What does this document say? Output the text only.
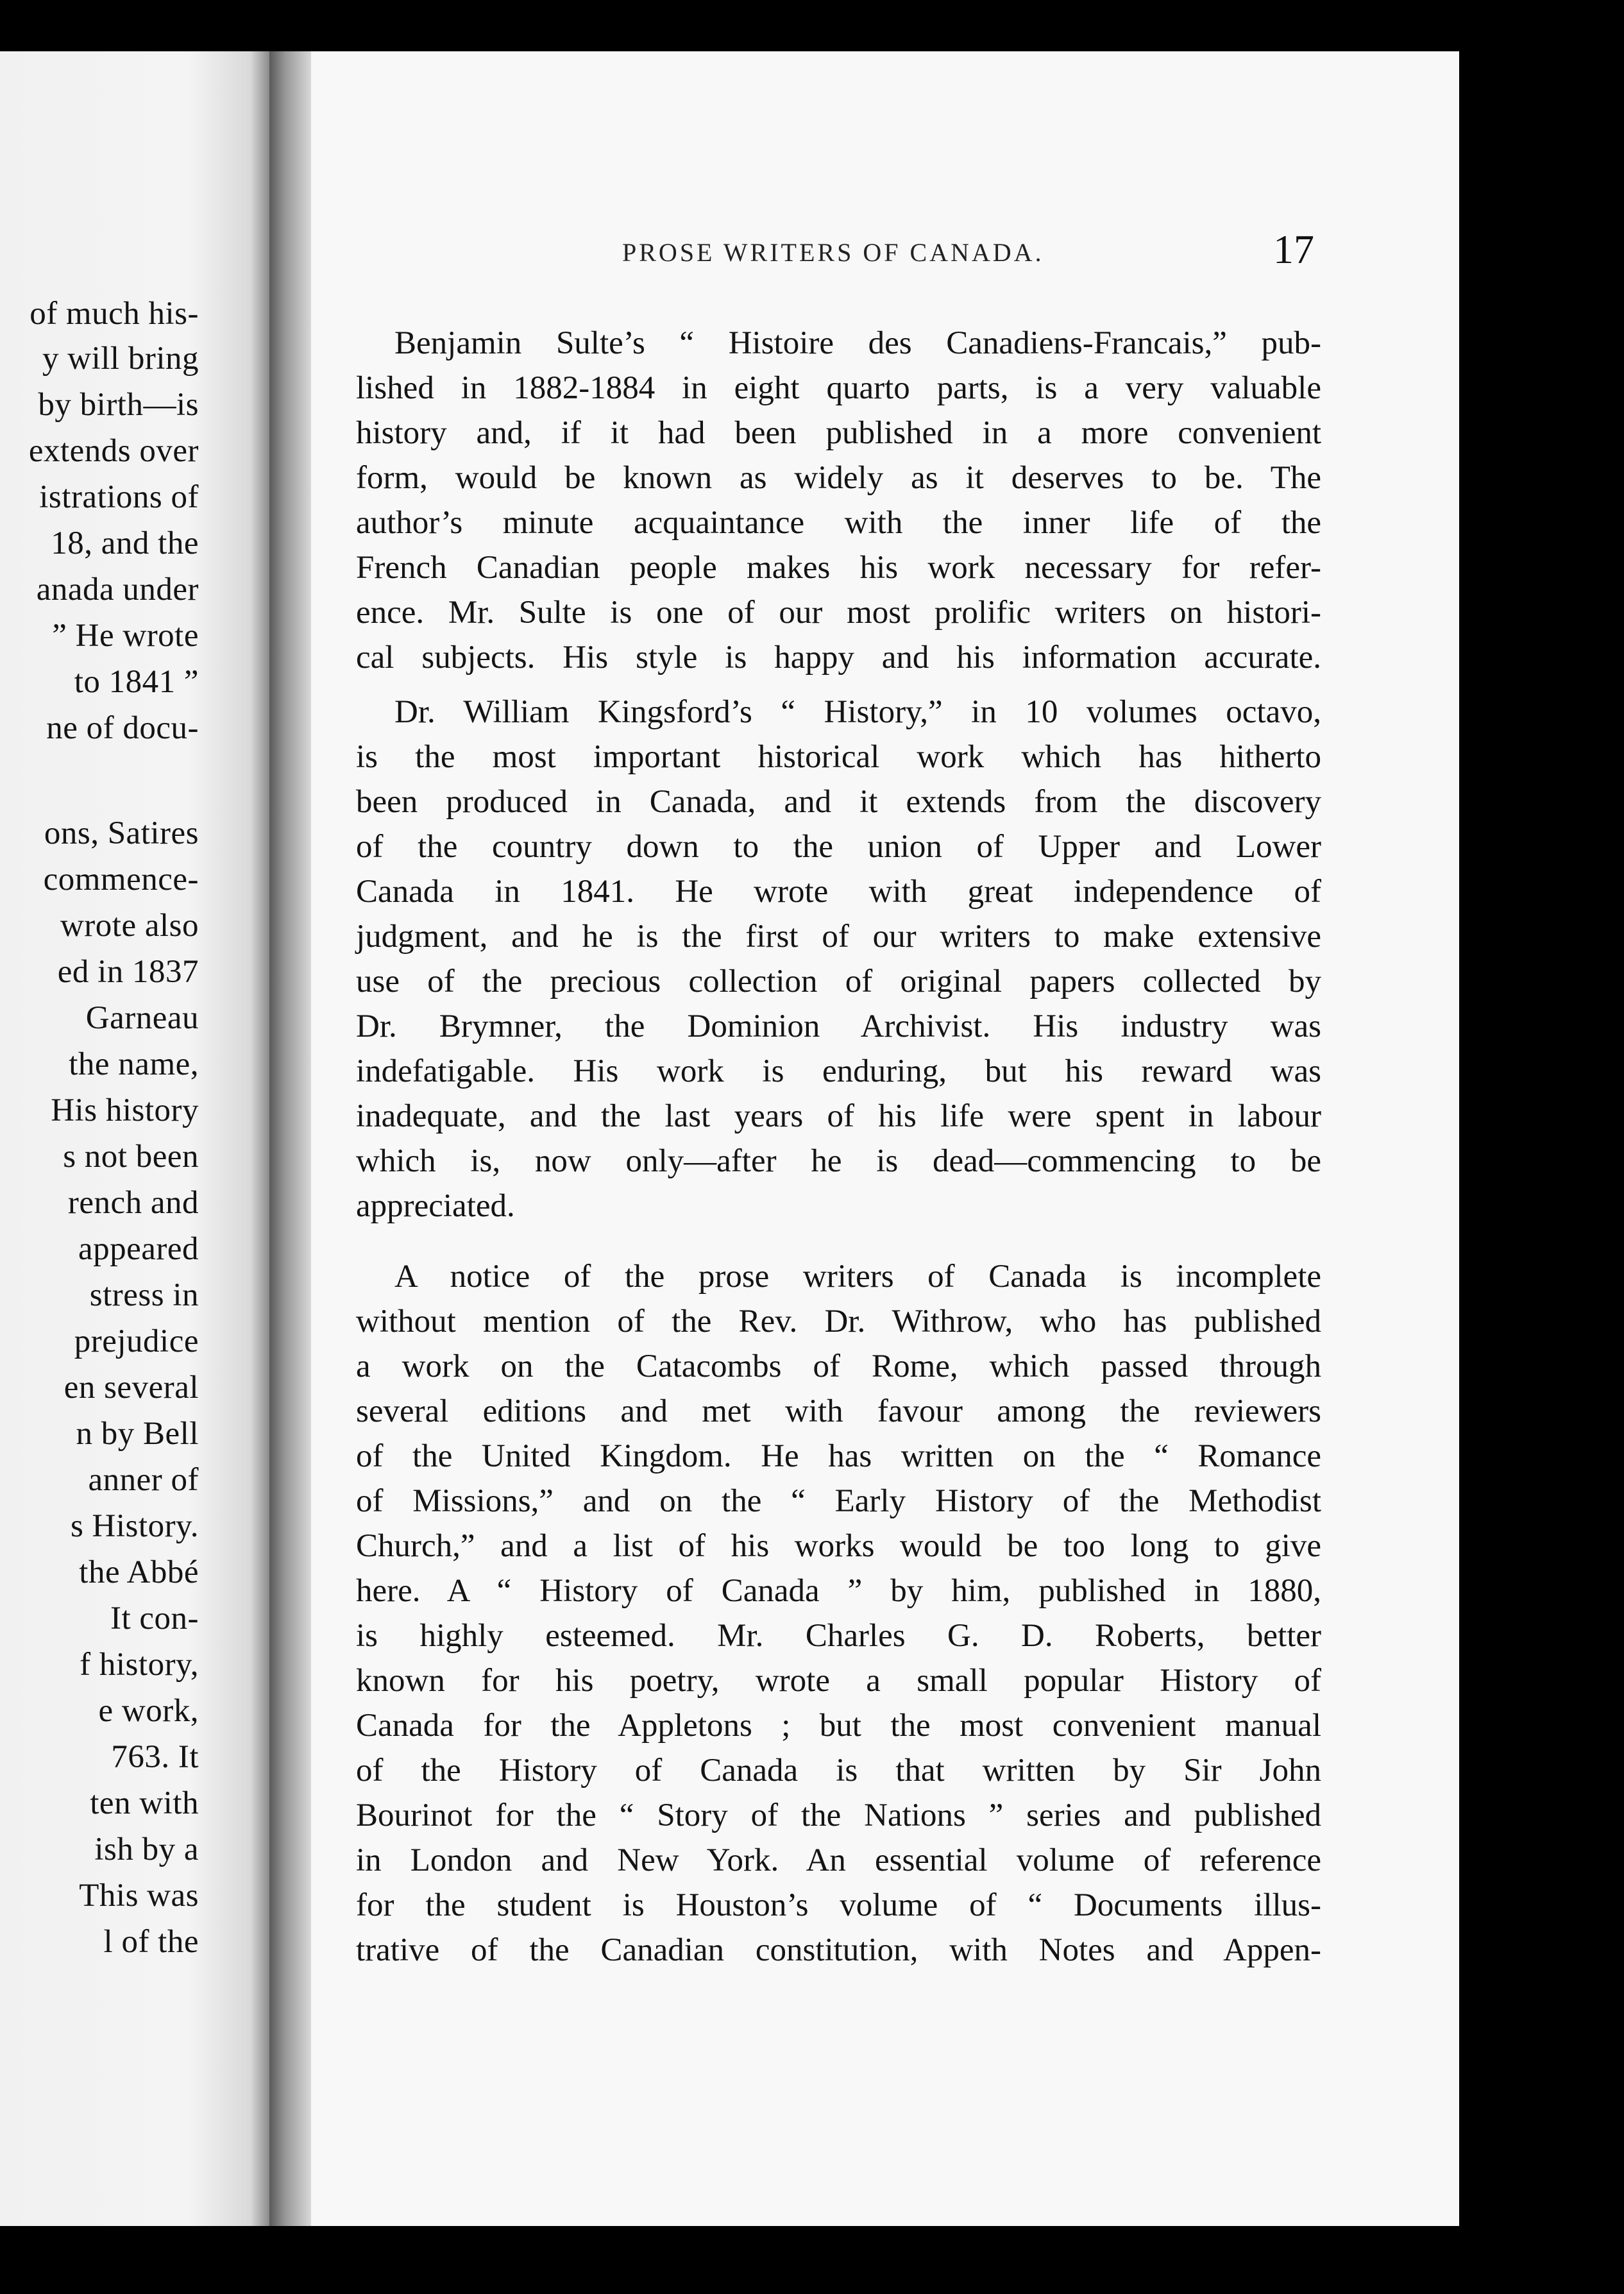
of much his-
y will bring
by birth—is
extends over
istrations of
18, and the
anada under
” He wrote
to 1841 ”
ne of docu-
ons, Satires
commence-
wrote also
ed in 1837
Garneau
the name,
His history
s not been
rench and
appeared
stress in
prejudice
en several
n by Bell
anner of
s History.
the Abbé
It con-
f history,
e work,
763. It
ten with
ish by a
This was
l of the
PROSE WRITERS OF CANADA.	17
Benjamin Sulte’s “ Histoire des Canadiens-Francais,” pub-
lished in 1882-1884 in eight quarto parts, is a very valuable
history and, if it had been published in a more convenient
form, would be known as widely as it deserves to be. The
author’s minute acquaintance with the inner life of the
French Canadian people makes his work necessary for refer-
ence. Mr. Sulte is one of our most prolific writers on histori-
cal subjects. His style is happy and his information accurate.
Dr. William Kingsford’s “ History,” in 10 volumes octavo,
is the most important historical work which has hitherto
been produced in Canada, and it extends from the discovery
of the country down to the union of Upper and Lower
Canada in 1841. He wrote with great independence of
judgment, and he is the first of our writers to make extensive
use of the precious collection of original papers collected by
Dr. Brymner, the Dominion Archivist. His industry was
indefatigable. His work is enduring, but his reward was
inadequate, and the last years of his life were spent in labour
which is, now only—after he is dead—commencing to be
appreciated.
A notice of the prose writers of Canada is incomplete
without mention of the Rev. Dr. Withrow, who has published
a work on the Catacombs of Rome, which passed through
several editions and met with favour among the reviewers
of the United Kingdom. He has written on the “ Romance
of Missions,” and on the “ Early History of the Methodist
Church,” and a list of his works would be too long to give
here. A “ History of Canada ” by him, published in 1880,
is highly esteemed. Mr. Charles G. D. Roberts, better
known for his poetry, wrote a small popular History of
Canada for the Appletons ; but the most convenient manual
of the History of Canada is that written by Sir John
Bourinot for the “ Story of the Nations ” series and published
in London and New York. An essential volume of reference
for the student is Houston’s volume of “ Documents illus-
trative of the Canadian constitution, with Notes and Appen-
